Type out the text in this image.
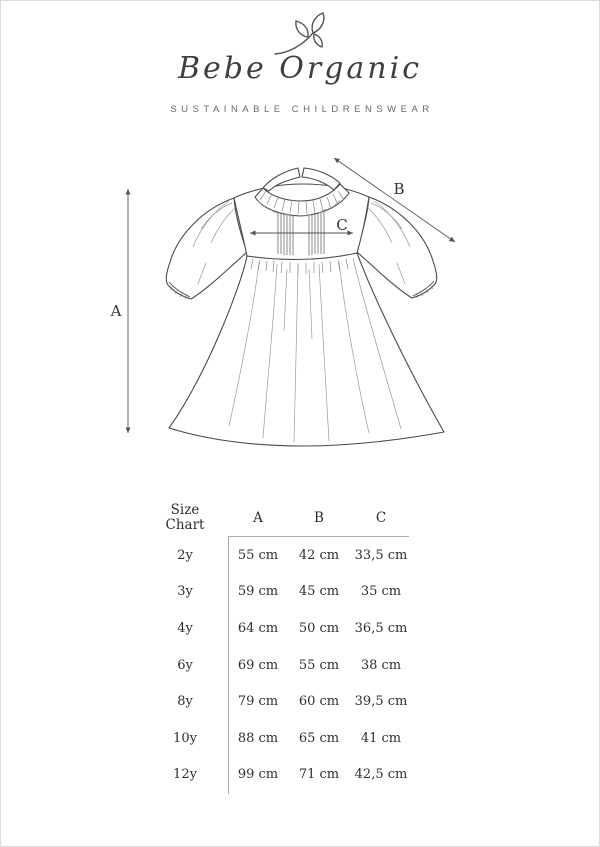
Bebe Organic
SUSTAINABLE CHILDRENSWEAR
A
B
C
Size Chart	A	B	C
2y	55 cm	42 cm	33,5 cm
3y	59 cm	45 cm	35 cm
4y	64 cm	50 cm	36,5 cm
6y	69 cm	55 cm	38 cm
8y	79 cm	60 cm	39,5 cm
10y	88 cm	65 cm	41 cm
12y	99 cm	71 cm	42,5 cm
